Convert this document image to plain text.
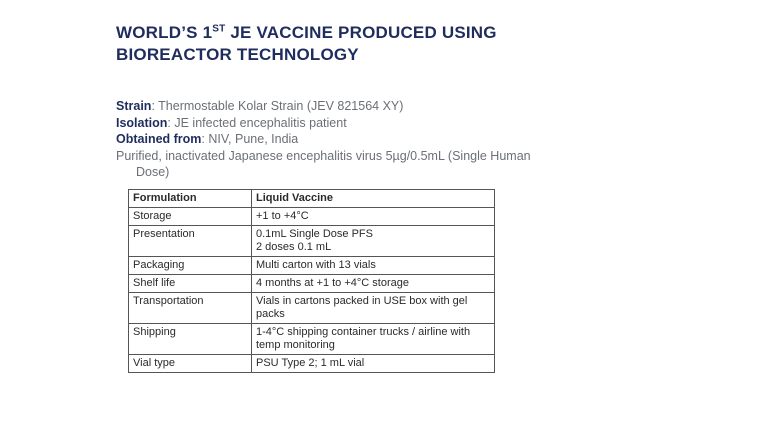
WORLD’S 1ST JE VACCINE PRODUCED USING
BIOREACTOR TECHNOLOGY
Strain: Thermostable Kolar Strain (JEV 821564 XY)
Isolation: JE infected encephalitis patient
Obtained from: NIV, Pune, India
Purified, inactivated Japanese encephalitis virus 5µg/0.5mL (Single Human
Dose)
Formulation	Liquid Vaccine
Storage	+1 to +4°C

Presentation	0.1mL Single Dose PFS
2 doses 0.1 mL

Packaging	Multi carton with 13 vials

Shelf life	4 months at +1 to +4°C storage

Transportation	Vials in cartons packed in USE box with gel
packs

Shipping	1-4°C shipping container trucks / airline with
temp monitoring

Vial type	PSU Type 2; 1 mL vial
